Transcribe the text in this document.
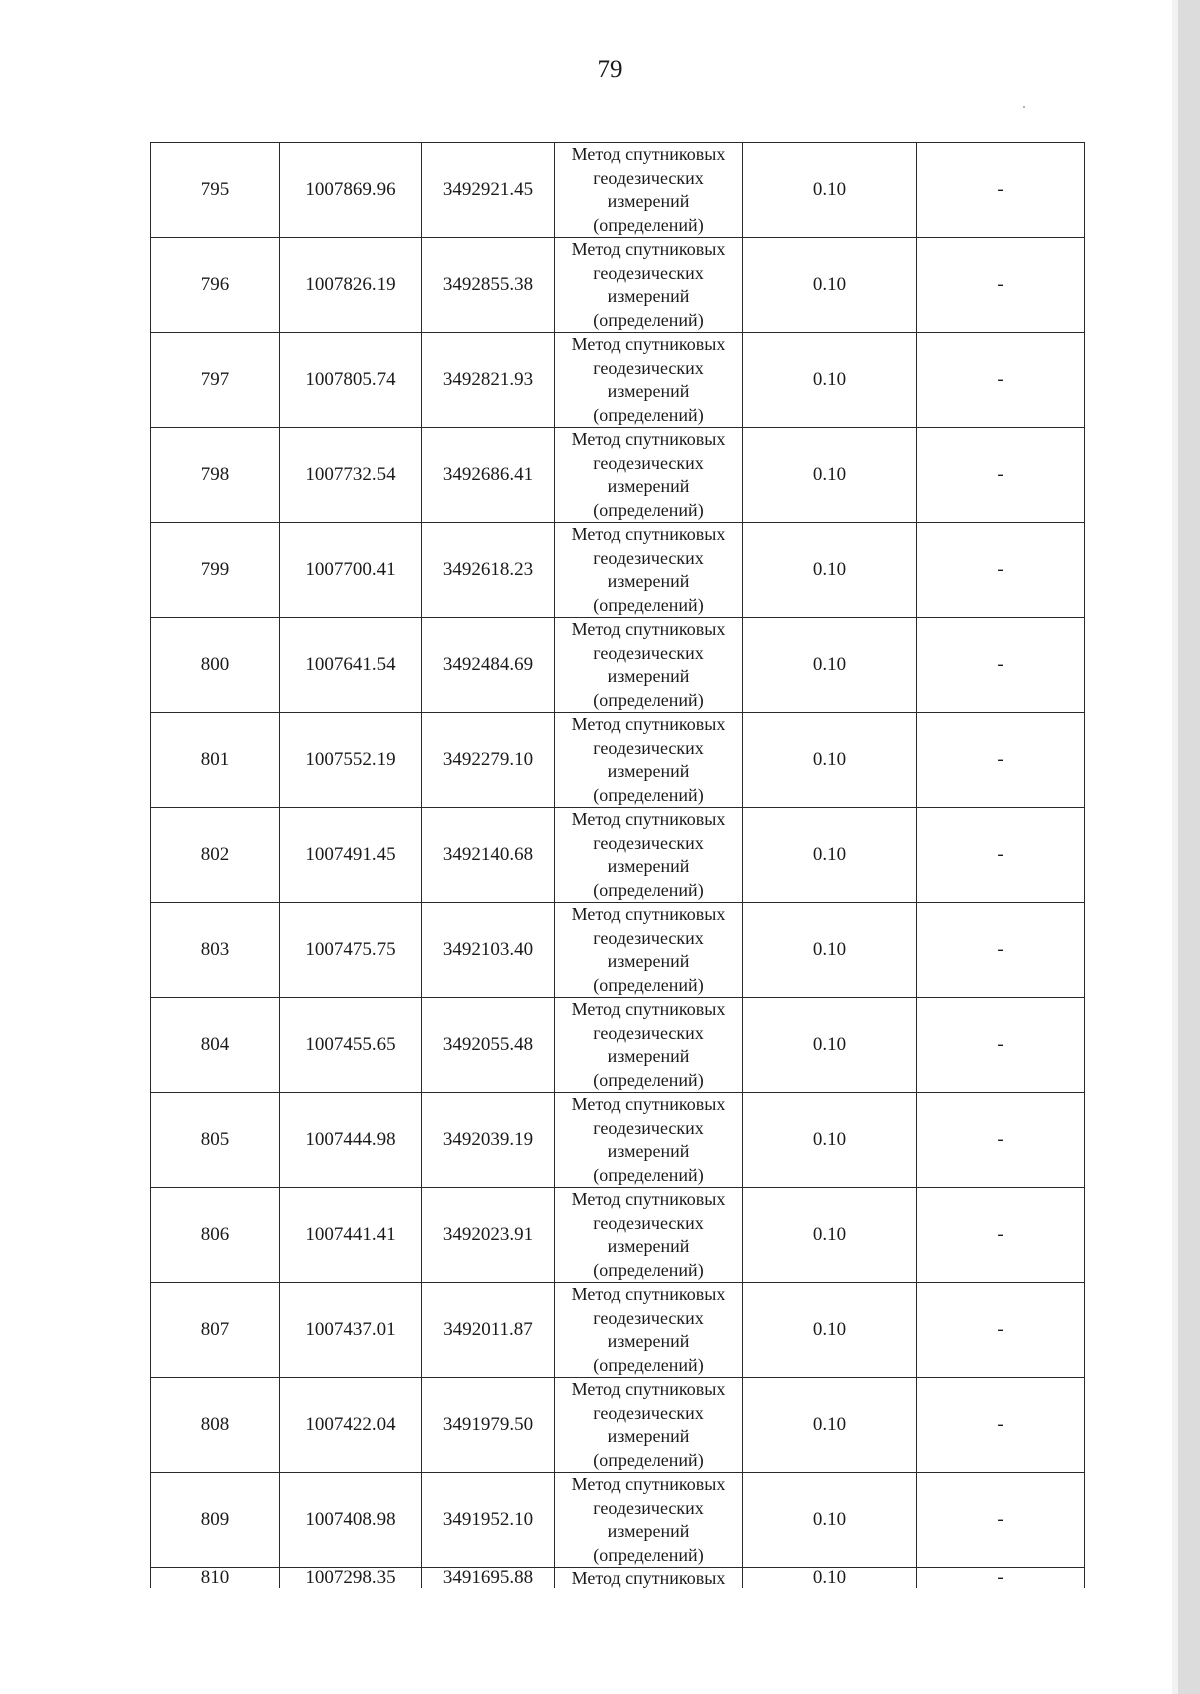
79
795	1007869.96	3492921.45	Метод спутниковых геодезических измерений (определений)	0.10	-
796	1007826.19	3492855.38	Метод спутниковых геодезических измерений (определений)	0.10	-
797	1007805.74	3492821.93	Метод спутниковых геодезических измерений (определений)	0.10	-
798	1007732.54	3492686.41	Метод спутниковых геодезических измерений (определений)	0.10	-
799	1007700.41	3492618.23	Метод спутниковых геодезических измерений (определений)	0.10	-
800	1007641.54	3492484.69	Метод спутниковых геодезических измерений (определений)	0.10	-
801	1007552.19	3492279.10	Метод спутниковых геодезических измерений (определений)	0.10	-
802	1007491.45	3492140.68	Метод спутниковых геодезических измерений (определений)	0.10	-
803	1007475.75	3492103.40	Метод спутниковых геодезических измерений (определений)	0.10	-
804	1007455.65	3492055.48	Метод спутниковых геодезических измерений (определений)	0.10	-
805	1007444.98	3492039.19	Метод спутниковых геодезических измерений (определений)	0.10	-
806	1007441.41	3492023.91	Метод спутниковых геодезических измерений (определений)	0.10	-
807	1007437.01	3492011.87	Метод спутниковых геодезических измерений (определений)	0.10	-
808	1007422.04	3491979.50	Метод спутниковых геодезических измерений (определений)	0.10	-
809	1007408.98	3491952.10	Метод спутниковых геодезических измерений (определений)	0.10	-
810	1007298.35	3491695.88	Метод спутниковых	0.10	-
